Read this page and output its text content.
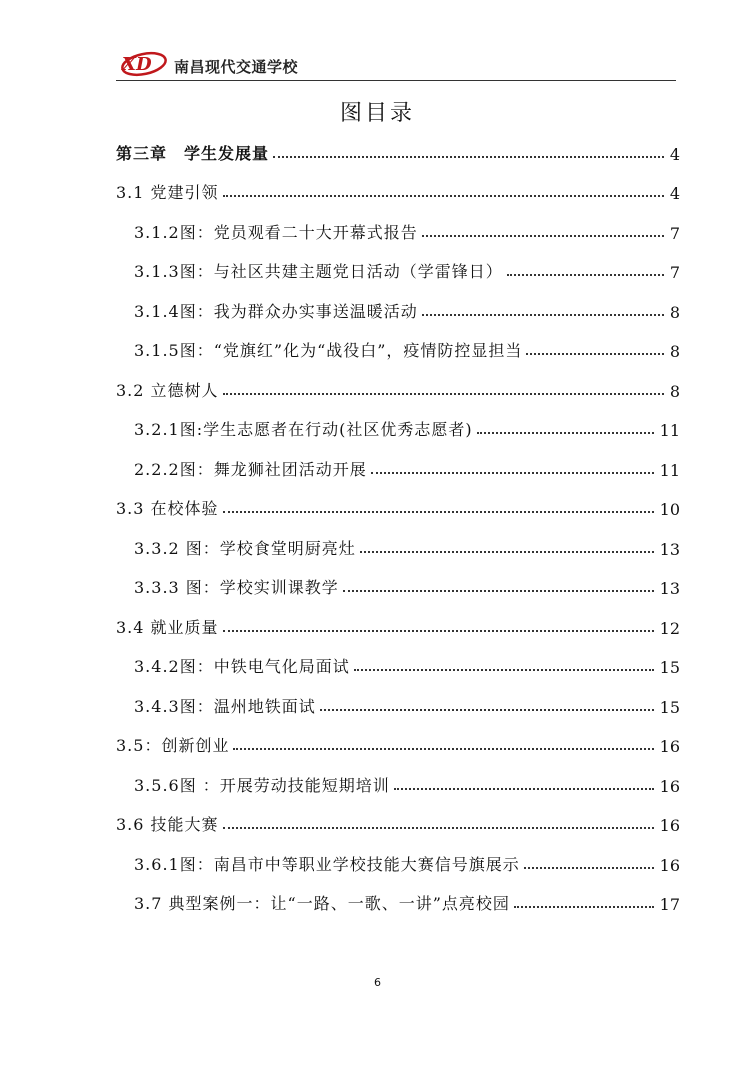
XD 南昌现代交通学校
图目录
第三章　学生发展量	4
3.1 党建引领	4
3.1.2图：党员观看二十大开幕式报告	7
3.1.3图：与社区共建主题党日活动（学雷锋日）	7
3.1.4图：我为群众办实事送温暖活动	8
3.1.5图：“党旗红”化为“战役白”，疫情防控显担当	8
3.2 立德树人	8
3.2.1图:学生志愿者在行动(社区优秀志愿者)	11
2.2.2图：舞龙狮社团活动开展	11
3.3 在校体验	10
3.3.2 图：学校食堂明厨亮灶	13
3.3.3 图：学校实训课教学	13
3.4 就业质量	12
3.4.2图：中铁电气化局面试	15
3.4.3图：温州地铁面试	15
3.5：创新创业	16
3.5.6图 ：开展劳动技能短期培训	16
3.6 技能大赛	16
3.6.1图：南昌市中等职业学校技能大赛信号旗展示	16
3.7 典型案例一：让“一路、一歌、一讲”点亮校园	17
6
